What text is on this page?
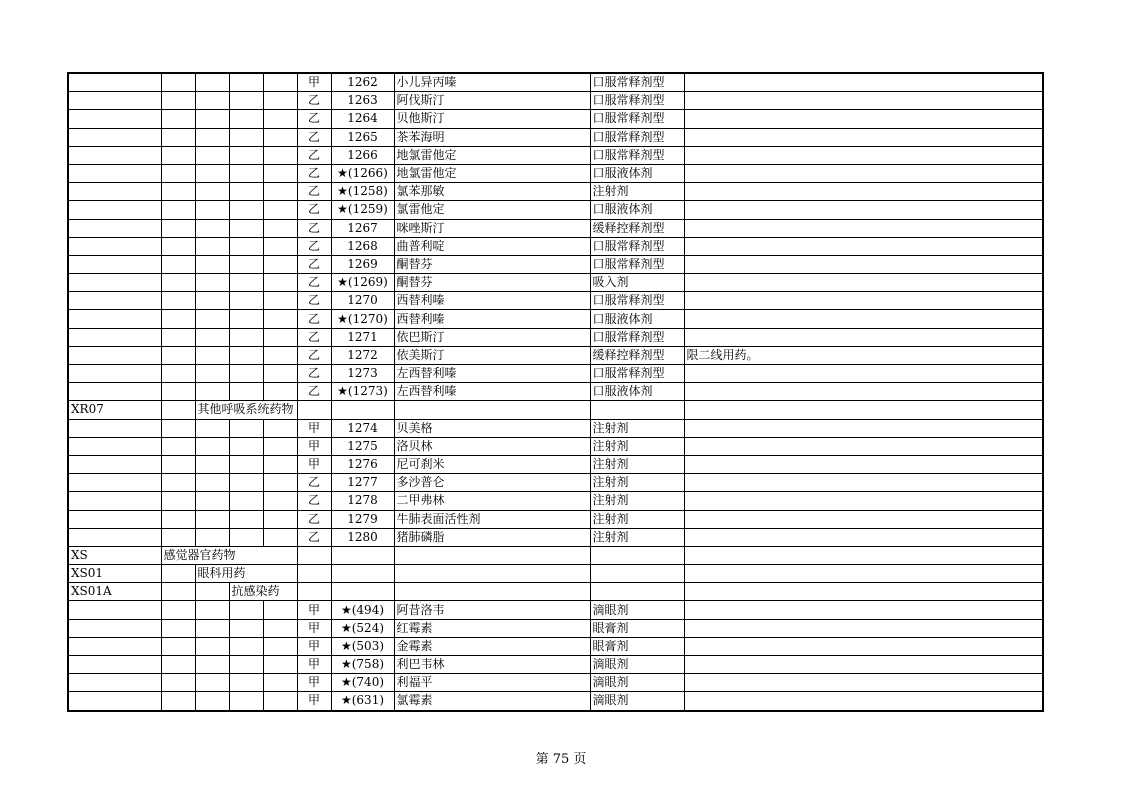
					甲	1262	小儿异丙嗪	口服常释剂型	
					乙	1263	阿伐斯汀	口服常释剂型	
					乙	1264	贝他斯汀	口服常释剂型	
					乙	1265	茶苯海明	口服常释剂型	
					乙	1266	地氯雷他定	口服常释剂型	
					乙	★(1266)	地氯雷他定	口服液体剂	
					乙	★(1258)	氯苯那敏	注射剂	
					乙	★(1259)	氯雷他定	口服液体剂	
					乙	1267	咪唑斯汀	缓释控释剂型	
					乙	1268	曲普利啶	口服常释剂型	
					乙	1269	酮替芬	口服常释剂型	
					乙	★(1269)	酮替芬	吸入剂	
					乙	1270	西替利嗪	口服常释剂型	
					乙	★(1270)	西替利嗪	口服液体剂	
					乙	1271	依巴斯汀	口服常释剂型	
					乙	1272	依美斯汀	缓释控释剂型	限二线用药。
					乙	1273	左西替利嗪	口服常释剂型	
					乙	★(1273)	左西替利嗪	口服液体剂	
XR07		其他呼吸系统药物							
					甲	1274	贝美格	注射剂	
					甲	1275	洛贝林	注射剂	
					甲	1276	尼可刹米	注射剂	
					乙	1277	多沙普仑	注射剂	
					乙	1278	二甲弗林	注射剂	
					乙	1279	牛肺表面活性剂	注射剂	
					乙	1280	猪肺磷脂	注射剂	
XS	感觉器官药物								
XS01		眼科用药							
XS01A			抗感染药						
					甲	★(494)	阿昔洛韦	滴眼剂	
					甲	★(524)	红霉素	眼膏剂	
					甲	★(503)	金霉素	眼膏剂	
					甲	★(758)	利巴韦林	滴眼剂	
					甲	★(740)	利福平	滴眼剂	
					甲	★(631)	氯霉素	滴眼剂	
第 75 页
